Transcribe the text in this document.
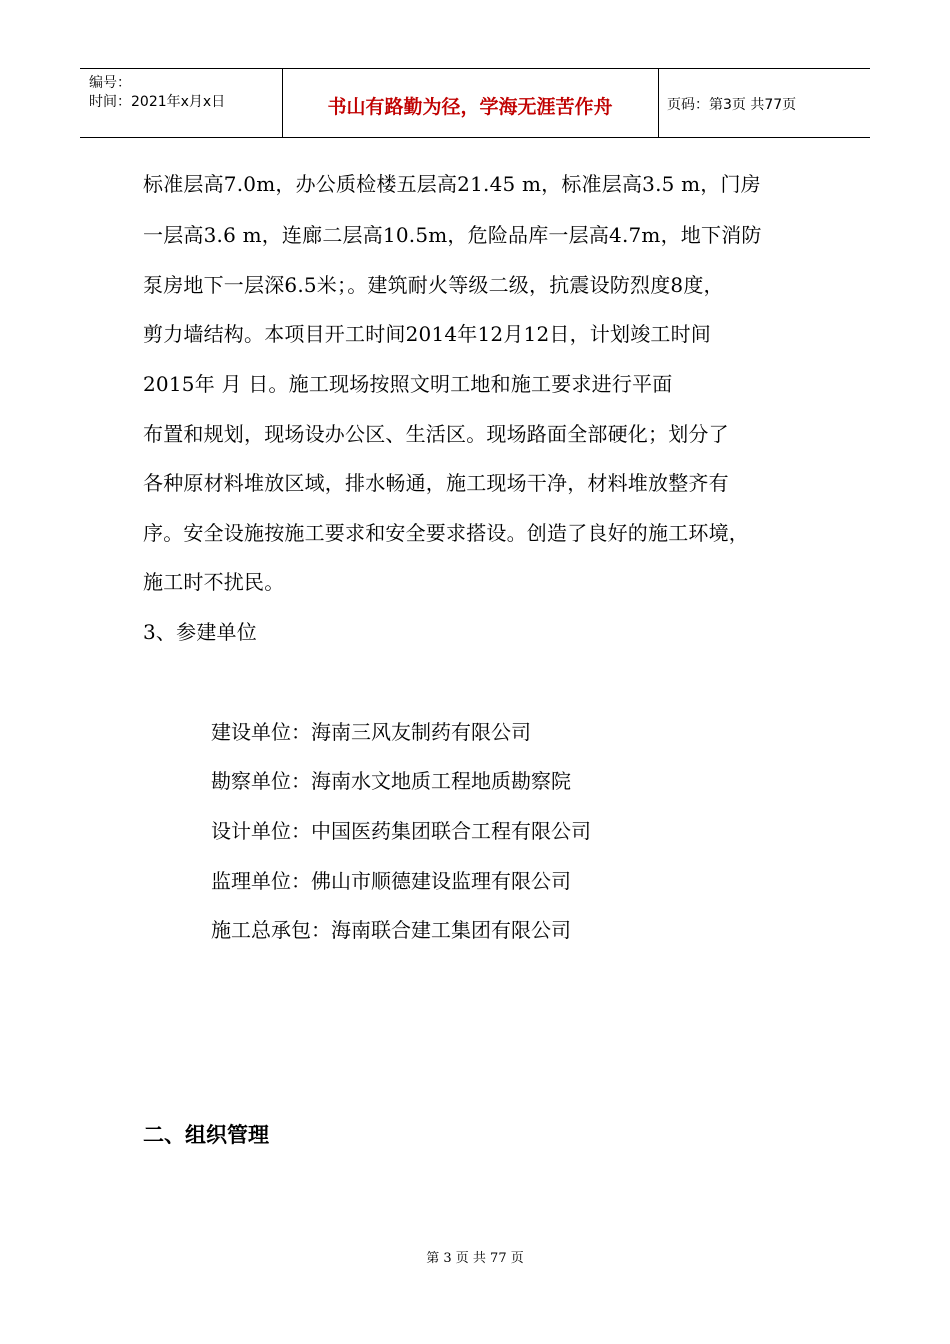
编号：
时间：2021年x月x日	书山有路勤为径，学海无涯苦作舟	页码：第3页 共77页
标准层高7.0m，办公质检楼五层高21.45 m，标准层高3.5 m，门房
一层高3.6 m，连廊二层高10.5m，危险品库一层高4.7m，地下消防
泵房地下一层深6.5米；。建筑耐火等级二级，抗震设防烈度8度，
剪力墙结构。本项目开工时间2014年12月12日，计划竣工时间
2015年 月 日。施工现场按照文明工地和施工要求进行平面
布置和规划，现场设办公区、生活区。现场路面全部硬化；划分了
各种原材料堆放区域，排水畅通，施工现场干净，材料堆放整齐有
序。安全设施按施工要求和安全要求搭设。创造了良好的施工环境，
施工时不扰民。
3、参建单位
建设单位：海南三风友制药有限公司
勘察单位：海南水文地质工程地质勘察院
设计单位：中国医药集团联合工程有限公司
监理单位：佛山市顺德建设监理有限公司
施工总承包：海南联合建工集团有限公司
二、组织管理
第 3 页 共 77 页
